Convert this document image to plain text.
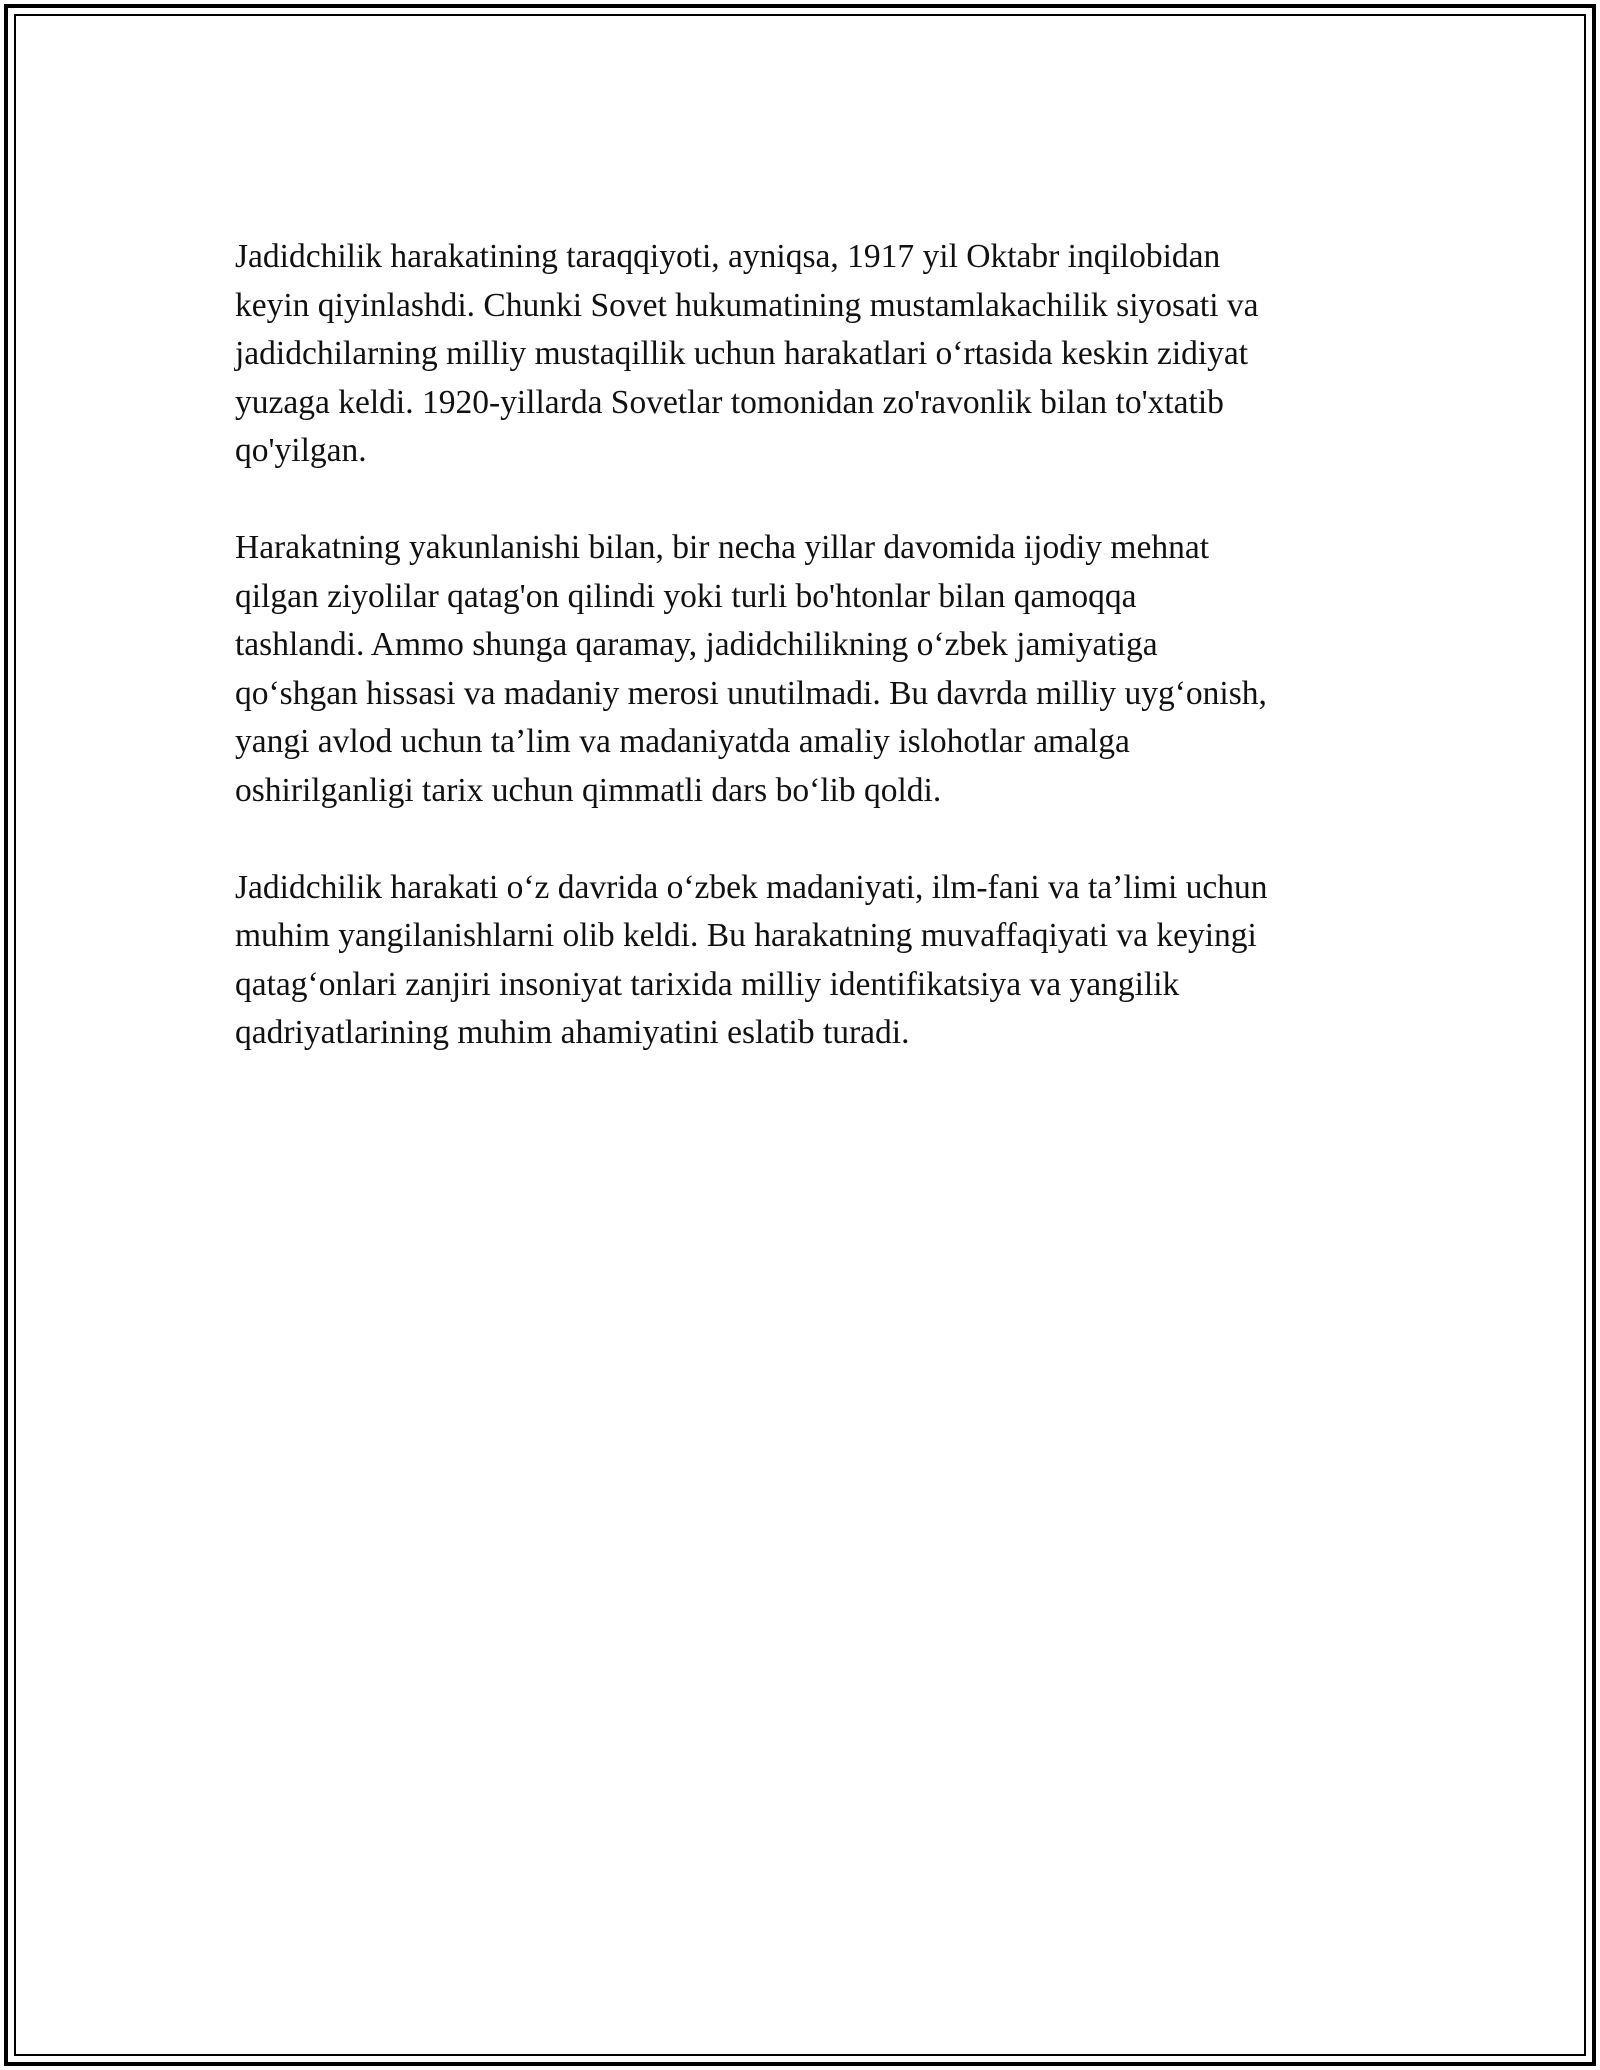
Jadidchilik harakatining taraqqiyoti, ayniqsa, 1917 yil Oktabr inqilobidan
keyin qiyinlashdi. Chunki Sovet hukumatining mustamlakachilik siyosati va
jadidchilarning milliy mustaqillik uchun harakatlari o‘rtasida keskin zidiyat
yuzaga keldi. 1920-yillarda Sovetlar tomonidan zo'ravonlik bilan to'xtatib
qo'yilgan.

Harakatning yakunlanishi bilan, bir necha yillar davomida ijodiy mehnat
qilgan ziyolilar qatag'on qilindi yoki turli bo'htonlar bilan qamoqqa
tashlandi. Ammo shunga qaramay, jadidchilikning o‘zbek jamiyatiga
qo‘shgan hissasi va madaniy merosi unutilmadi. Bu davrda milliy uyg‘onish,
yangi avlod uchun ta’lim va madaniyatda amaliy islohotlar amalga
oshirilganligi tarix uchun qimmatli dars bo‘lib qoldi.

Jadidchilik harakati o‘z davrida o‘zbek madaniyati, ilm-fani va ta’limi uchun
muhim yangilanishlarni olib keldi. Bu harakatning muvaffaqiyati va keyingi
qatag‘onlari zanjiri insoniyat tarixida milliy identifikatsiya va yangilik
qadriyatlarining muhim ahamiyatini eslatib turadi.
